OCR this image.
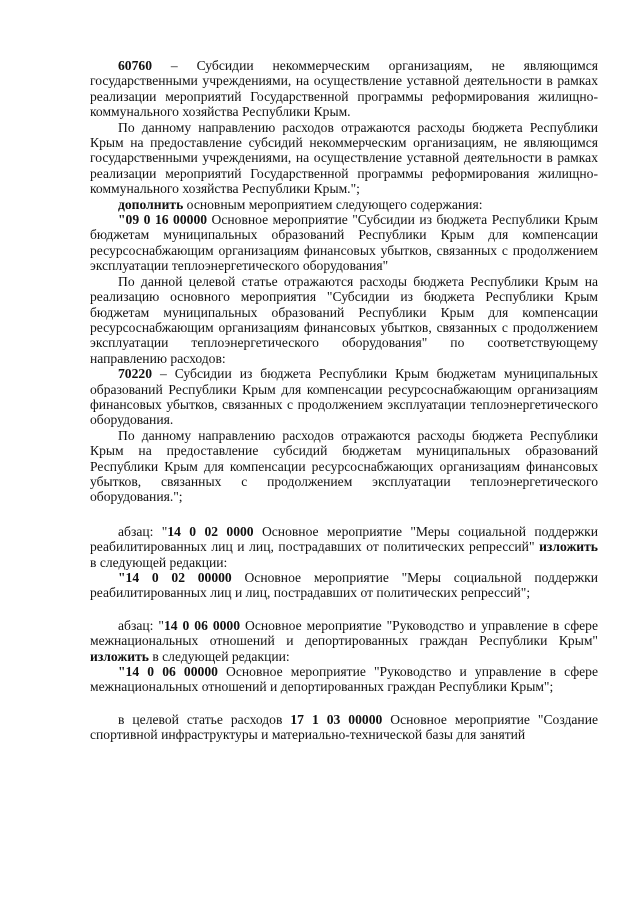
60760 – Субсидии некоммерческим организациям, не являющимся государственными учреждениями, на осуществление уставной деятельности в рамках реализации мероприятий Государственной программы реформирования жилищно-коммунального хозяйства Республики Крым.

По данному направлению расходов отражаются расходы бюджета Республики Крым на предоставление субсидий некоммерческим организациям, не являющимся государственными учреждениями, на осуществление уставной деятельности в рамках реализации мероприятий Государственной программы реформирования жилищно-коммунального хозяйства Республики Крым.";

дополнить основным мероприятием следующего содержания:

"09 0 16 00000 Основное мероприятие "Субсидии из бюджета Республики Крым бюджетам муниципальных образований Республики Крым для компенсации ресурсоснабжающим организациям финансовых убытков, связанных с продолжением эксплуатации теплоэнергетического оборудования"

По данной целевой статье отражаются расходы бюджета Республики Крым на реализацию основного мероприятия "Субсидии из бюджета Республики Крым бюджетам муниципальных образований Республики Крым для компенсации ресурсоснабжающим организациям финансовых убытков, связанных с продолжением эксплуатации теплоэнергетического оборудования" по соответствующему направлению расходов:

70220 – Субсидии из бюджета Республики Крым бюджетам муниципальных образований Республики Крым для компенсации ресурсоснабжающим организациям финансовых убытков, связанных с продолжением эксплуатации теплоэнергетического оборудования.

По данному направлению расходов отражаются расходы бюджета Республики Крым на предоставление субсидий бюджетам муниципальных образований Республики Крым для компенсации ресурсоснабжающих организациям финансовых убытков, связанных с продолжением эксплуатации теплоэнергетического оборудования.";

абзац: "14 0 02 0000 Основное мероприятие "Меры социальной поддержки реабилитированных лиц и лиц, пострадавших от политических репрессий" изложить в следующей редакции:

"14 0 02 00000 Основное мероприятие "Меры социальной поддержки реабилитированных лиц и лиц, пострадавших от политических репрессий";

абзац: "14 0 06 0000 Основное мероприятие "Руководство и управление в сфере межнациональных отношений и депортированных граждан Республики Крым" изложить в следующей редакции:

"14 0 06 00000 Основное мероприятие "Руководство и управление в сфере межнациональных отношений и депортированных граждан Республики Крым";

в целевой статье расходов 17 1 03 00000 Основное мероприятие "Создание спортивной инфраструктуры и материально-технической базы для занятий
